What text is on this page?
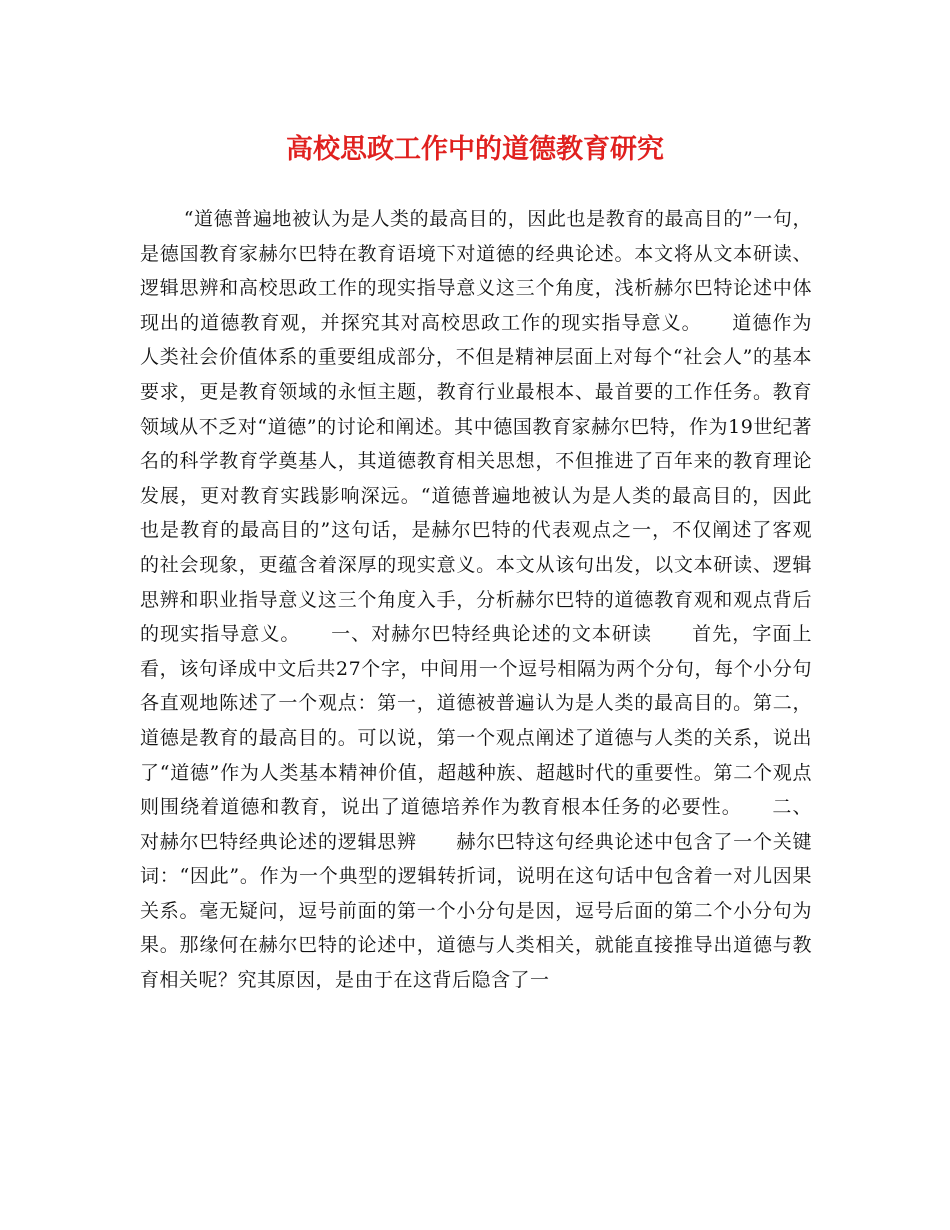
高校思政工作中的道德教育研究

“道德普遍地被认为是人类的最高目的，因此也是教育的最高目的”一句，是德国教育家赫尔巴特在教育语境下对道德的经典论述。本文将从文本研读、逻辑思辨和高校思政工作的现实指导意义这三个角度，浅析赫尔巴特论述中体现出的道德教育观，并探究其对高校思政工作的现实指导意义。　　道德作为人类社会价值体系的重要组成部分，不但是精神层面上对每个“社会人”的基本要求，更是教育领域的永恒主题，教育行业最根本、最首要的工作任务。教育领域从不乏对“道德”的讨论和阐述。其中德国教育家赫尔巴特，作为19世纪著名的科学教育学奠基人，其道德教育相关思想，不但推进了百年来的教育理论发展，更对教育实践影响深远。“道德普遍地被认为是人类的最高目的，因此也是教育的最高目的”这句话，是赫尔巴特的代表观点之一，不仅阐述了客观的社会现象，更蕴含着深厚的现实意义。本文从该句出发，以文本研读、逻辑思辨和职业指导意义这三个角度入手，分析赫尔巴特的道德教育观和观点背后的现实指导意义。　　一、对赫尔巴特经典论述的文本研读　　首先，字面上看，该句译成中文后共27个字，中间用一个逗号相隔为两个分句，每个小分句各直观地陈述了一个观点：第一，道德被普遍认为是人类的最高目的。第二，道德是教育的最高目的。可以说，第一个观点阐述了道德与人类的关系，说出了“道德”作为人类基本精神价值，超越种族、超越时代的重要性。第二个观点则围绕着道德和教育，说出了道德培养作为教育根本任务的必要性。　　二、对赫尔巴特经典论述的逻辑思辨　　赫尔巴特这句经典论述中包含了一个关键词：“因此”。作为一个典型的逻辑转折词，说明在这句话中包含着一对儿因果关系。毫无疑问，逗号前面的第一个小分句是因，逗号后面的第二个小分句为果。那缘何在赫尔巴特的论述中，道德与人类相关，就能直接推导出道德与教育相关呢？究其原因，是由于在这背后隐含了一
